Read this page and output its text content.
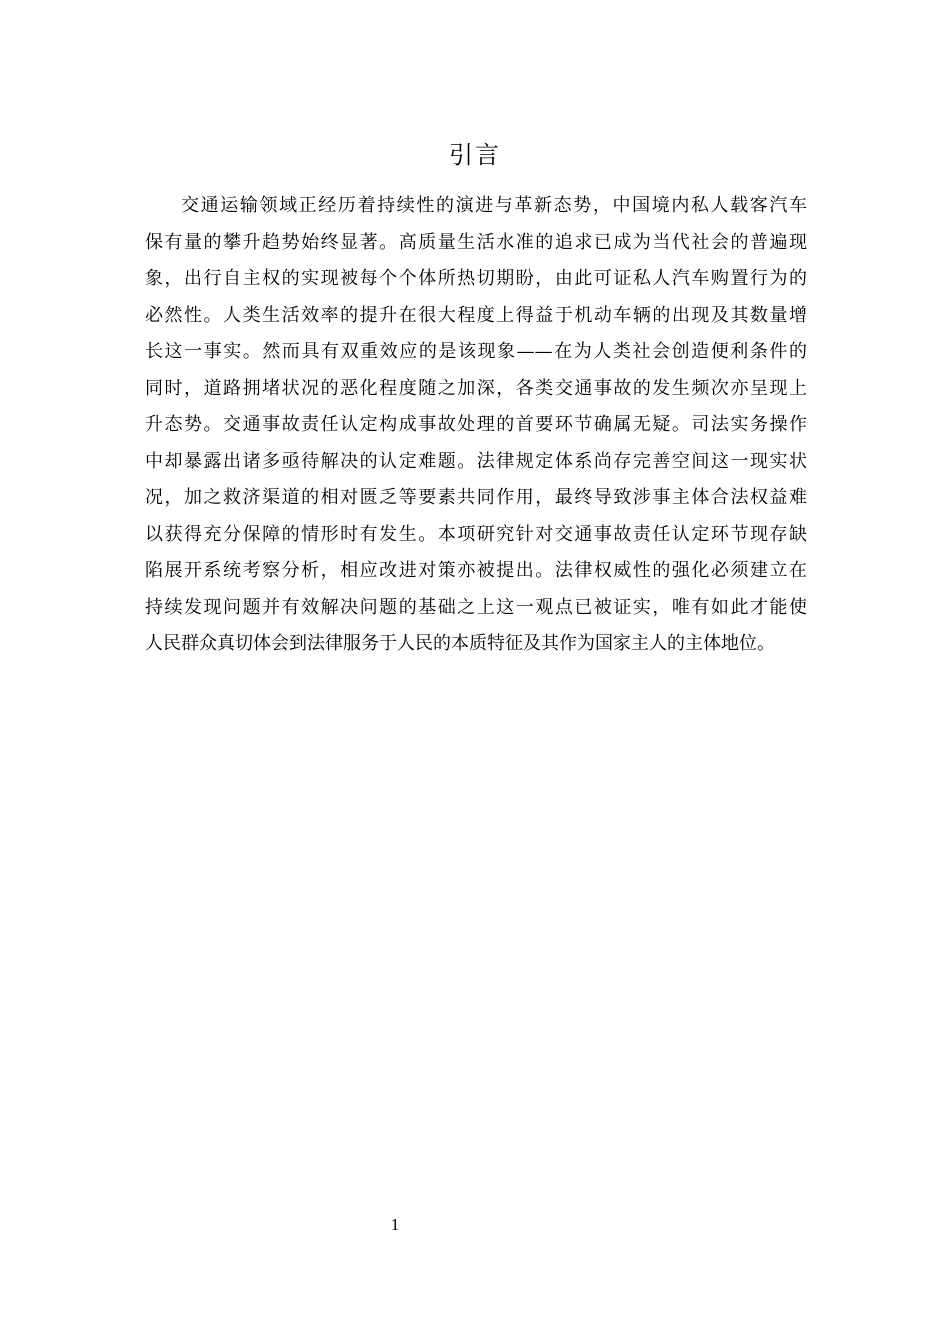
引言
交通运输领域正经历着持续性的演进与革新态势，中国境内私人载客汽车
保有量的攀升趋势始终显著。高质量生活水准的追求已成为当代社会的普遍现
象，出行自主权的实现被每个个体所热切期盼，由此可证私人汽车购置行为的
必然性。人类生活效率的提升在很大程度上得益于机动车辆的出现及其数量增
长这一事实。然而具有双重效应的是该现象——在为人类社会创造便利条件的
同时，道路拥堵状况的恶化程度随之加深，各类交通事故的发生频次亦呈现上
升态势。交通事故责任认定构成事故处理的首要环节确属无疑。司法实务操作
中却暴露出诸多亟待解决的认定难题。法律规定体系尚存完善空间这一现实状
况，加之救济渠道的相对匮乏等要素共同作用，最终导致涉事主体合法权益难
以获得充分保障的情形时有发生。本项研究针对交通事故责任认定环节现存缺
陷展开系统考察分析，相应改进对策亦被提出。法律权威性的强化必须建立在
持续发现问题并有效解决问题的基础之上这一观点已被证实，唯有如此才能使
人民群众真切体会到法律服务于人民的本质特征及其作为国家主人的主体地位。
1
